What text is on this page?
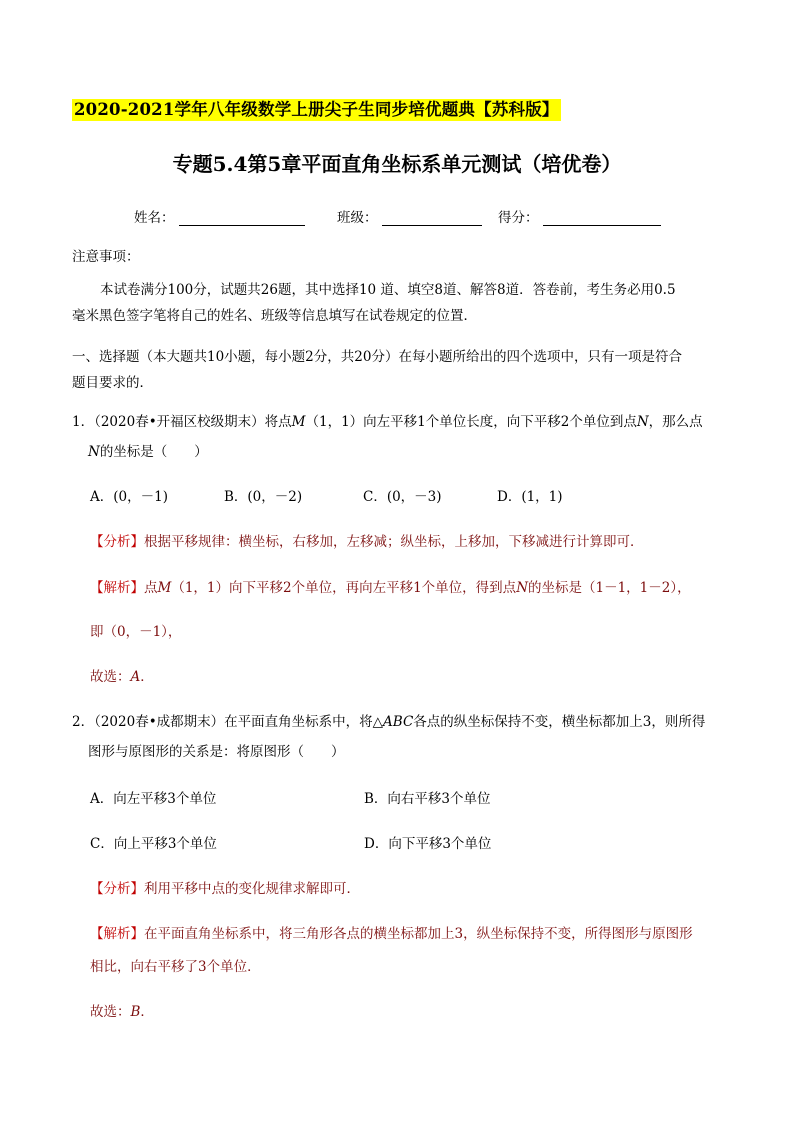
2020-2021学年八年级数学上册尖子生同步培优题典【苏科版】
专题5.4第5章平面直角坐标系单元测试（培优卷）
姓名：	班级：	得分：
注意事项：
本试卷满分100分，试题共26题，其中选择10 道、填空8道、解答8道．答卷前，考生务必用0.5
毫米黑色签字笔将自己的姓名、班级等信息填写在试卷规定的位置．
一、选择题（本大题共10小题，每小题2分，共20分）在每小题所给出的四个选项中，只有一项是符合
题目要求的．
1．（2020春•开福区校级期末）将点M（1，1）向左平移1个单位长度，向下平移2个单位到点N，那么点
N的坐标是（　　）
A．(0，－1)	B．(0，－2)	C．(0，－3)	D．(1，1)
【分析】根据平移规律：横坐标，右移加，左移减；纵坐标，上移加，下移减进行计算即可．
【解析】点M（1，1）向下平移2个单位，再向左平移1个单位，得到点N的坐标是（1－1，1－2），
即（0，－1），
故选：A．
2．（2020春•成都期末）在平面直角坐标系中，将△ABC各点的纵坐标保持不变，横坐标都加上3，则所得
图形与原图形的关系是：将原图形（　　）
A．向左平移3个单位	B．向右平移3个单位
C．向上平移3个单位	D．向下平移3个单位
【分析】利用平移中点的变化规律求解即可．
【解析】在平面直角坐标系中，将三角形各点的横坐标都加上3，纵坐标保持不变，所得图形与原图形
相比，向右平移了3个单位．
故选：B．
